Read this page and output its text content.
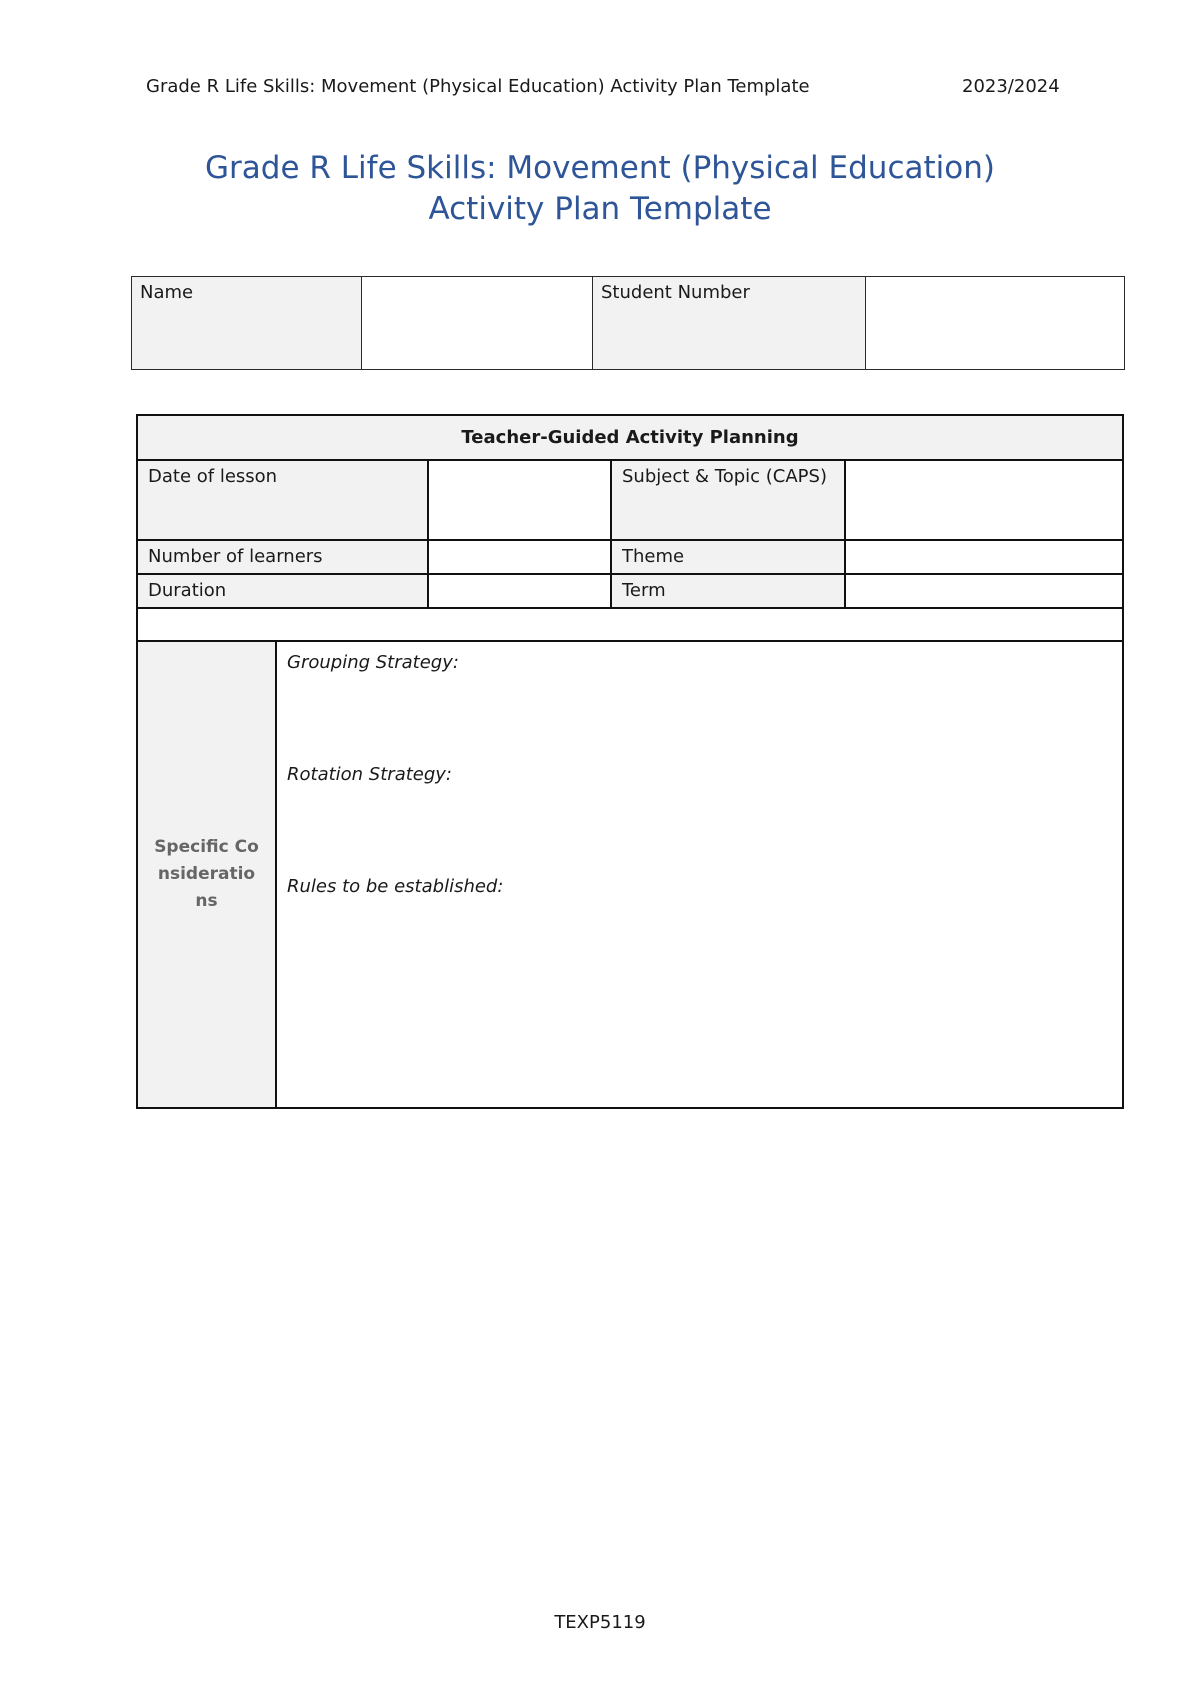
Grade R Life Skills: Movement (Physical Education) Activity Plan Template	2023/2024
Grade R Life Skills: Movement (Physical Education)
Activity Plan Template
Name		Student Number	
Teacher-Guided Activity Planning				
Date of lesson			Subject & Topic (CAPS)	
Number of learners			Theme	
Duration			Term	

Specific Considerations	Grouping Strategy:
Rotation Strategy:
Rules to be established:			
TEXP5119
